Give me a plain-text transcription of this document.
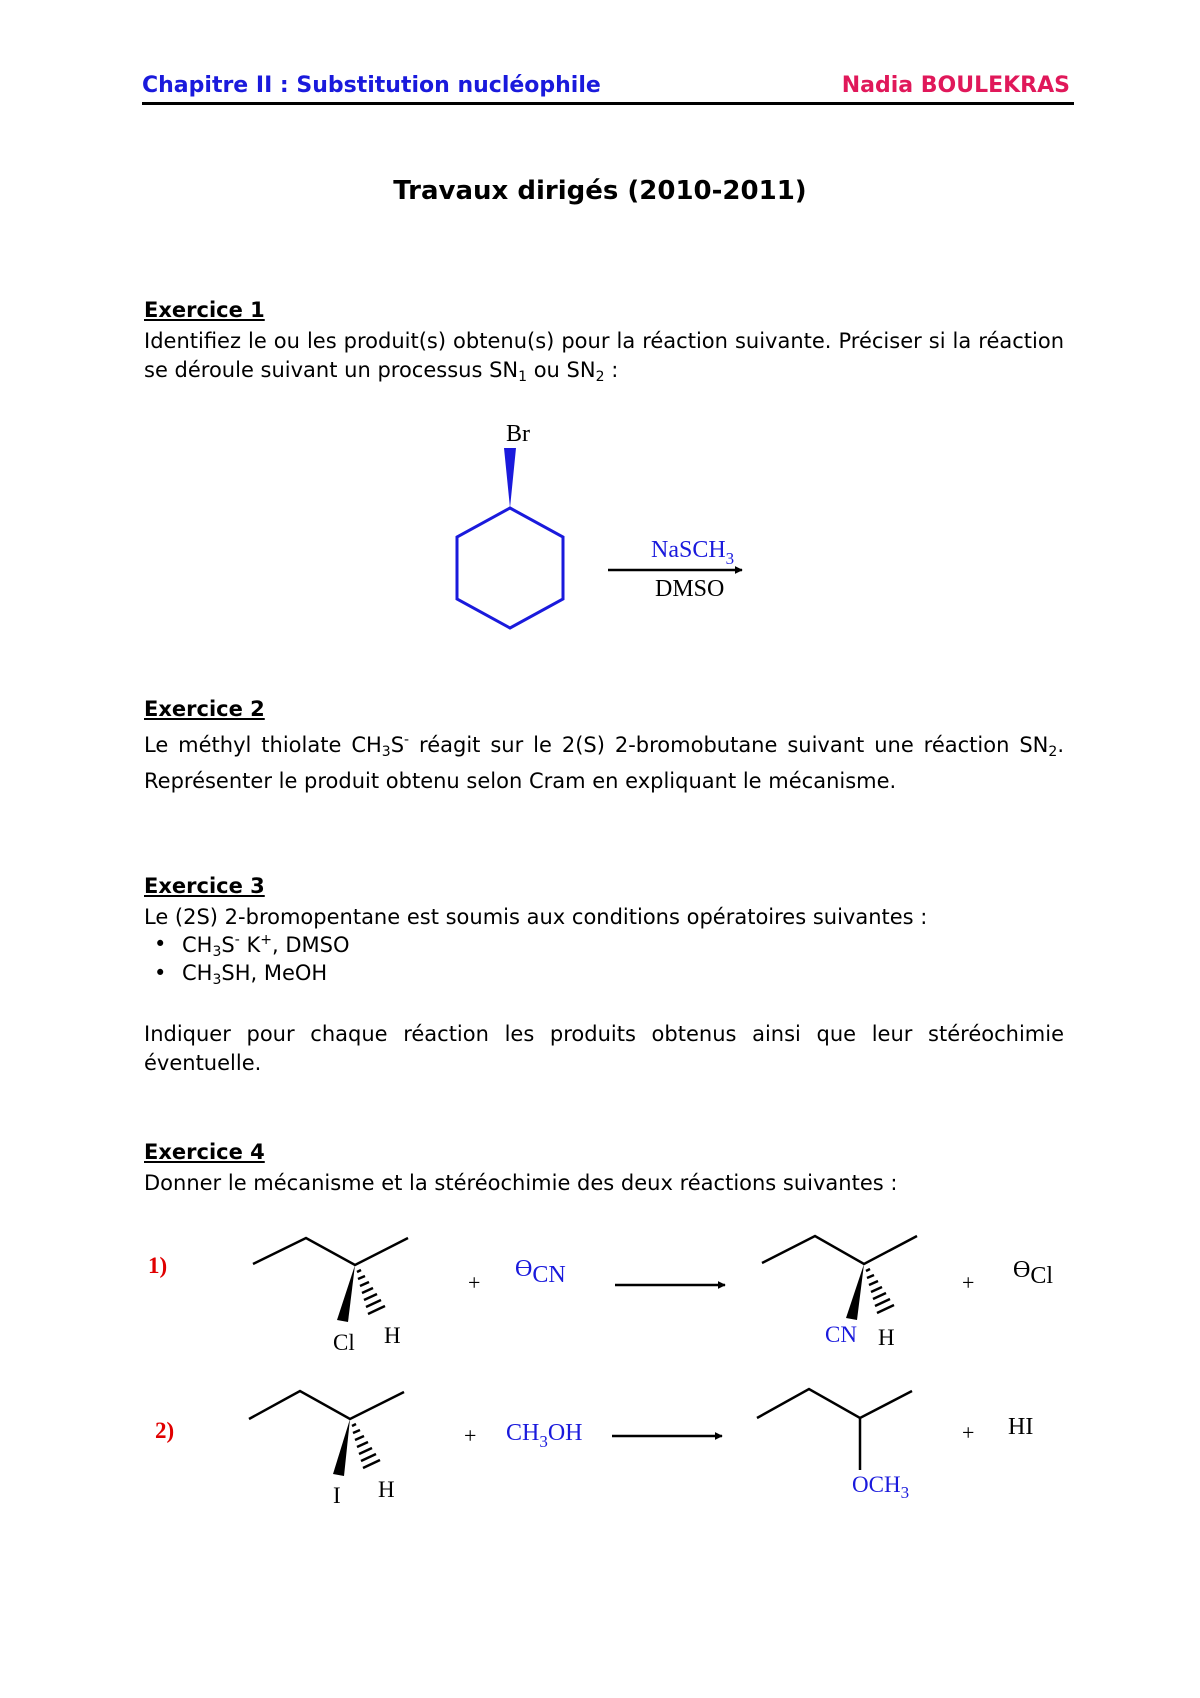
Chapitre II : Substitution nucléophile	Nadia BOULEKRAS
Travaux dirigés (2010-2011)
Exercice 1
Identifiez le ou les produit(s) obtenu(s) pour la réaction suivante. Préciser si la réaction se déroule suivant un processus $SN_1$ ou $SN_2$ :
Exercice 2
Le méthyl thiolate $CH_3S^-$ réagit sur le 2(S) 2-bromobutane suivant une réaction $SN_2$. Représenter le produit obtenu selon Cram en expliquant le mécanisme.
Exercice 3
Le (2S) 2-bromopentane est soumis aux conditions opératoires suivantes :
• $CH_3S^-$ K+, DMSO
• $CH_3SH$, MeOH
Indiquer pour chaque réaction les produits obtenus ainsi que leur stéréochimie éventuelle.
Exercice 4
Donner le mécanisme et la stéréochimie des deux réactions suivantes :
Br
NaSCH$_3$
DMSO
1)
Cl H
+
ϴCN
CN H
+ ϴCl
2)
I H
+ $CH_3OH$
$OCH_3$
+ HI
